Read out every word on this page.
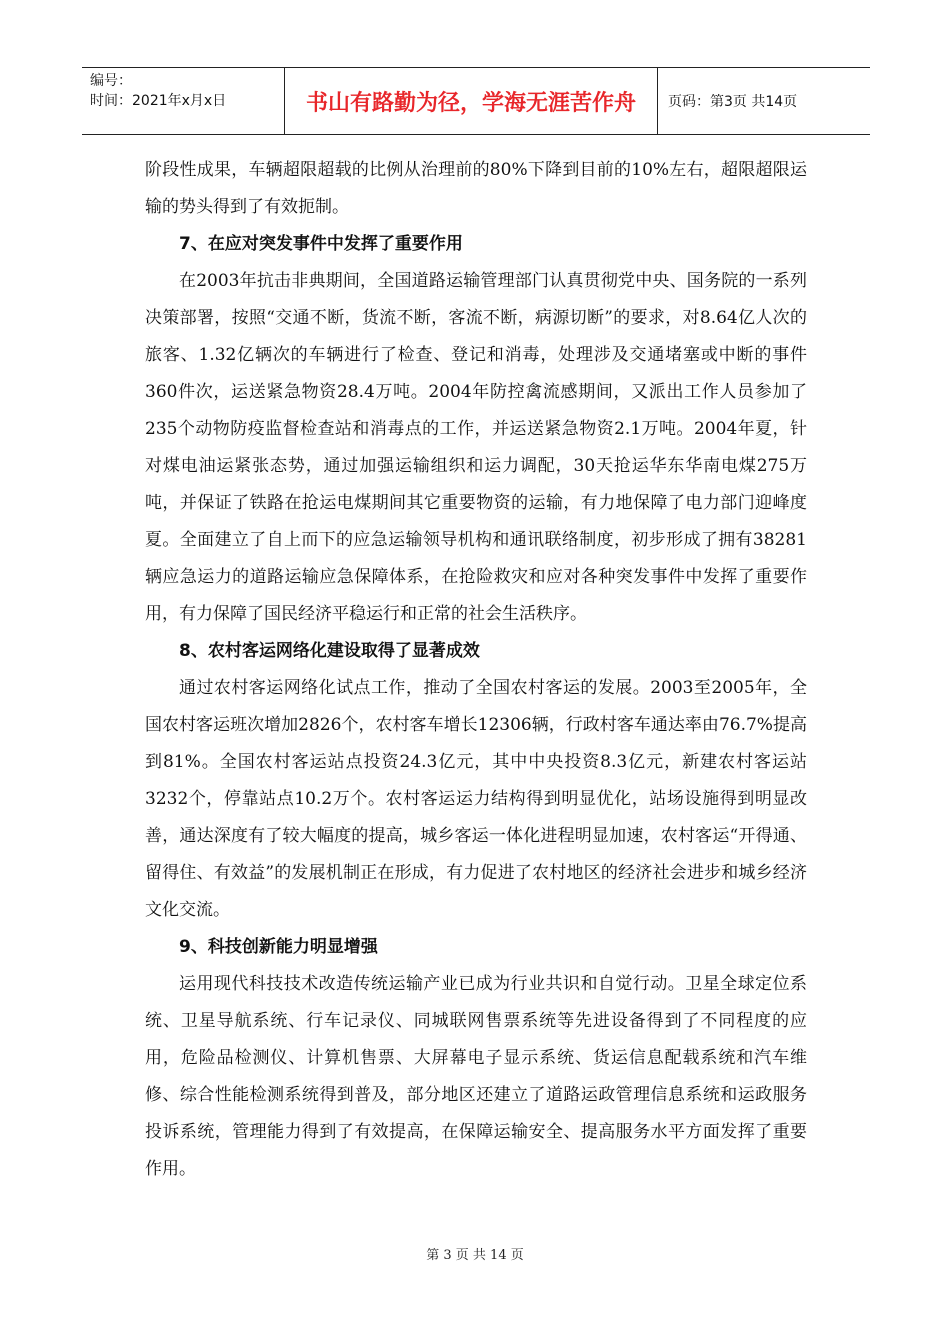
编号：
时间：2021年x月x日	书山有路勤为径，学海无涯苦作舟 页码：第3页 共14页

阶段性成果，车辆超限超载的比例从治理前的80%下降到目前的10%左右，超限超限运输的势头得到了有效扼制。

7、在应对突发事件中发挥了重要作用

在2003年抗击非典期间，全国道路运输管理部门认真贯彻党中央、国务院的一系列决策部署，按照“交通不断，货流不断，客流不断，病源切断”的要求，对8.64亿人次的旅客、1.32亿辆次的车辆进行了检查、登记和消毒，处理涉及交通堵塞或中断的事件360件次，运送紧急物资28.4万吨。2004年防控禽流感期间，又派出工作人员参加了235个动物防疫监督检查站和消毒点的工作，并运送紧急物资2.1万吨。2004年夏，针对煤电油运紧张态势，通过加强运输组织和运力调配，30天抢运华东华南电煤275万吨，并保证了铁路在抢运电煤期间其它重要物资的运输，有力地保障了电力部门迎峰度夏。全面建立了自上而下的应急运输领导机构和通讯联络制度，初步形成了拥有38281辆应急运力的道路运输应急保障体系，在抢险救灾和应对各种突发事件中发挥了重要作用，有力保障了国民经济平稳运行和正常的社会生活秩序。

8、农村客运网络化建设取得了显著成效

通过农村客运网络化试点工作，推动了全国农村客运的发展。2003至2005年，全国农村客运班次增加2826个，农村客车增长12306辆，行政村客车通达率由76.7%提高到81%。全国农村客运站点投资24.3亿元，其中中央投资8.3亿元，新建农村客运站3232个，停靠站点10.2万个。农村客运运力结构得到明显优化，站场设施得到明显改善，通达深度有了较大幅度的提高，城乡客运一体化进程明显加速，农村客运“开得通、留得住、有效益”的发展机制正在形成，有力促进了农村地区的经济社会进步和城乡经济文化交流。

9、科技创新能力明显增强

运用现代科技技术改造传统运输产业已成为行业共识和自觉行动。卫星全球定位系统、卫星导航系统、行车记录仪、同城联网售票系统等先进设备得到了不同程度的应用，危险品检测仪、计算机售票、大屏幕电子显示系统、货运信息配载系统和汽车维修、综合性能检测系统得到普及，部分地区还建立了道路运政管理信息系统和运政服务投诉系统，管理能力得到了有效提高，在保障运输安全、提高服务水平方面发挥了重要作用。

第 3 页 共 14 页
